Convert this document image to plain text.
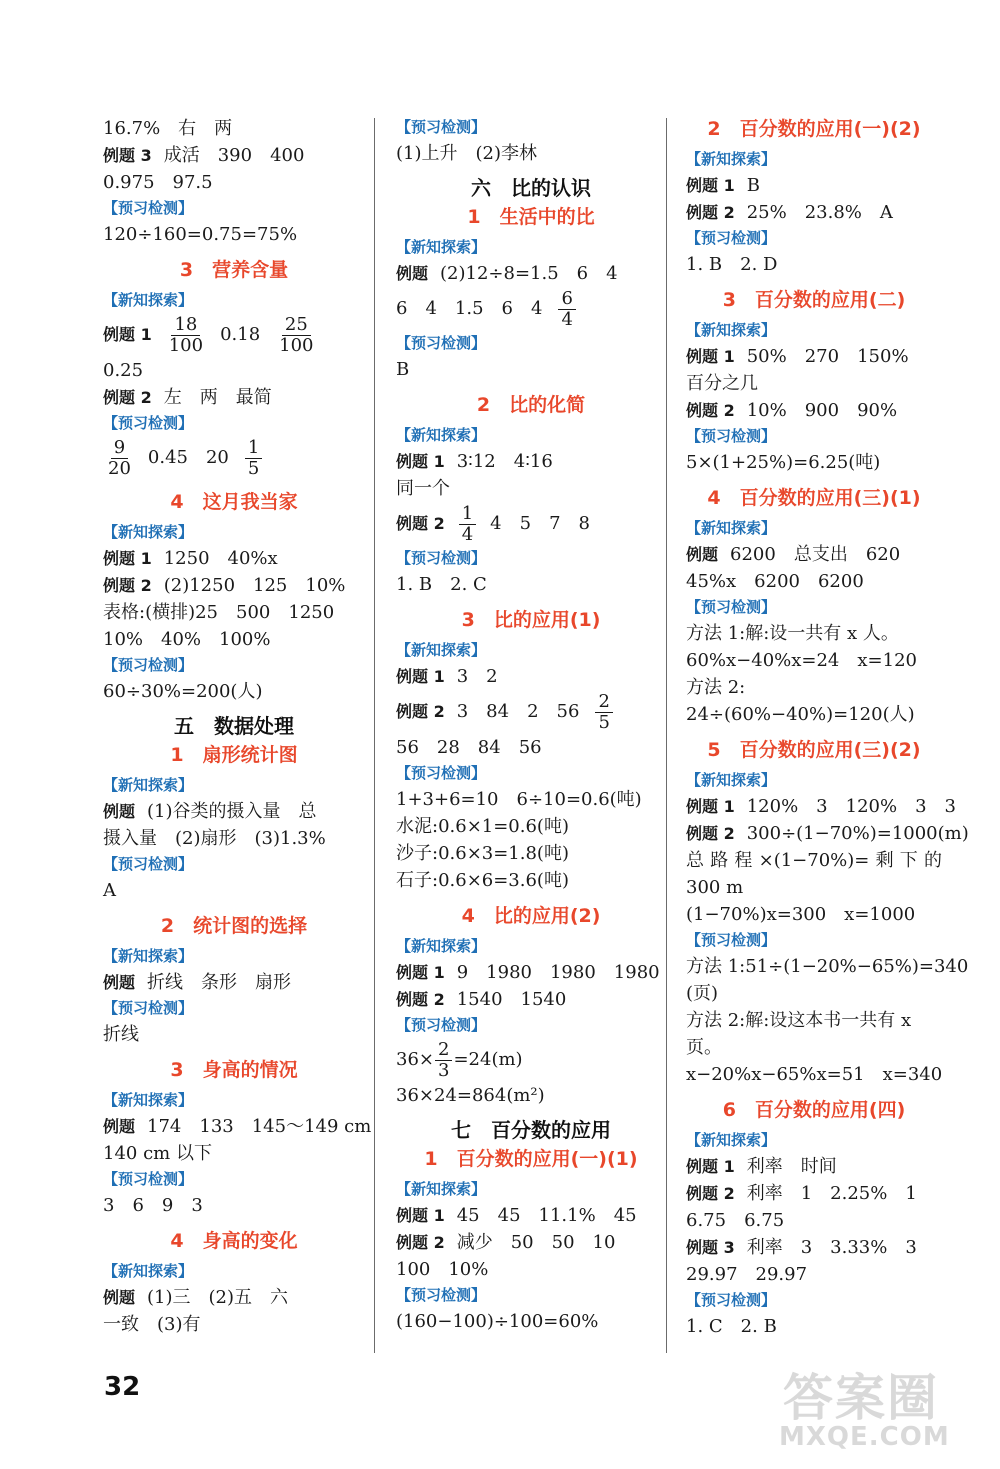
16.7%　右　两
例题 3 成活　390　400
0.975　97.5
【预习检测】
120÷160=0.75=75%
3　营养含量
【新知探索】
例题 $1 \frac{18}{100} 0.18 \frac{25}{100}$
0.25
例题 2 左　两　最简
【预习检测】
$\frac{9}{20} 0.45$　$20 \frac{1}{5}$
4　这月我当家
【新知探索】
例题 1 1250　40%x
例题 2 (2)1250　125　10%
表格:(横排)25　500　1250
10%　40%　100%
【预习检测】
60÷30%=200(人)
五　数据处理
1　扇形统计图
【新知探索】
例题 (1)谷类的摄入量　总
摄入量　(2)扇形　(3)1.3%
【预习检测】
A
2　统计图的选择
【新知探索】
例题 折线　条形　扇形
【预习检测】
折线
3　身高的情况
【新知探索】
例题 174　133　145～149 cm
140 cm 以下
【预习检测】
3　6　9　3
4　身高的变化
【新知探索】
例题 (1)三　(2)五　六
一致　(3)有
【预习检测】
(1)上升　(2)李林
六　比的认识
1　生活中的比
【新知探索】
例题 (2)12÷8=1.5　6　4
6　4　1.5　6　$4 \frac{6}{4}$
【预习检测】
B
2　比的化简
【新知探索】
例题 1 3∶12　4∶16
同一个
例题 $2 \frac{1}{4} 4$　5　7　8
【预习检测】
1. B　2. C
3　比的应用(1)
【新知探索】
例题 1 3　2
例题 2 3　84　2　$56 \frac{2}{5}$
56　28　84　56
【预习检测】
1+3+6=10　6÷10=0.6(吨)
水泥:0.6×1=0.6(吨)
沙子:0.6×3=1.8(吨)
石子:0.6×6=3.6(吨)
4　比的应用(2)
【新知探索】
例题 1 9　1980　1980　1980
例题 2 1540　1540
【预习检测】
$36\times \frac{2}{3} =24(m)$
36×24=864(m²)
七　百分数的应用
1　百分数的应用(一)(1)
【新知探索】
例题 1 45　45　11.1%　45
例题 2 减少　50　50　10
100　10%
【预习检测】
(160−100)÷100=60%
2　百分数的应用(一)(2)
【新知探索】
例题 1 B
例题 2 25%　23.8%　A
【预习检测】
1. B　2. D
3　百分数的应用(二)
【新知探索】
例题 1 50%　270　150%
百分之几
例题 2 10%　900　90%
【预习检测】
5×(1+25%)=6.25(吨)
4　百分数的应用(三)(1)
【新知探索】
例题 6200　总支出　620
45%x　6200　6200
【预习检测】
方法 1:解:设一共有 x 人。
60%x−40%x=24　x=120
方法 2:
24÷(60%−40%)=120(人)
5　百分数的应用(三)(2)
【新知探索】
例题 1 120%　3　120%　3　3
例题 2 300÷(1−70%)=1000(m)
总路程×(1−70%)=剩下的
300 m
(1−70%)x=300　x=1000
【预习检测】
方法 1:51÷(1−20%−65%)=340
(页)
方法 2:解:设这本书一共有 x
页。
x−20%x−65%x=51　x=340
6　百分数的应用(四)
【新知探索】
例题 1 利率　时间
例题 2 利率　1　2.25%　1
6.75　6.75
例题 3 利率　3　3.33%　3
29.97　29.97
【预习检测】
1. C　2. B
32	答案圈
MXQE.COM
